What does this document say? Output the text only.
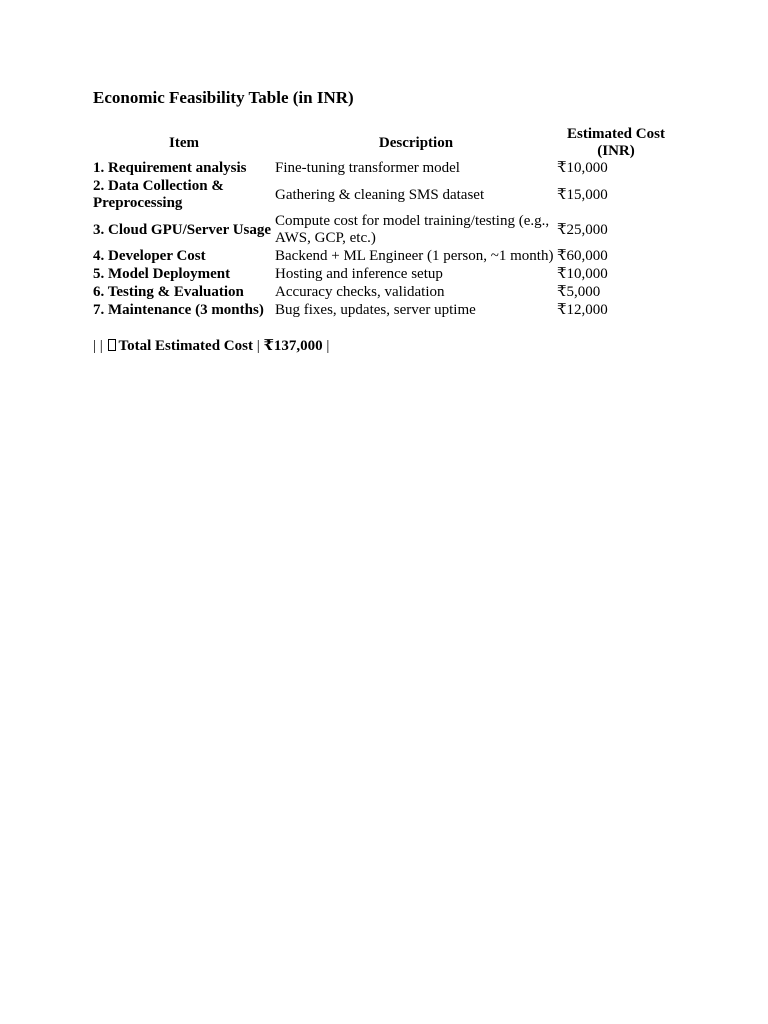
Economic Feasibility Table (in INR)
Item	Description	Estimated Cost (INR)
1. Requirement analysis	Fine-tuning transformer model	₹10,000
2. Data Collection & Preprocessing	Gathering & cleaning SMS dataset	₹15,000
3. Cloud GPU/Server Usage	Compute cost for model training/testing (e.g., AWS, GCP, etc.)	₹25,000
4. Developer Cost	Backend + ML Engineer (1 person, ~1 month)	₹60,000
5. Model Deployment	Hosting and inference setup	₹10,000
6. Testing & Evaluation	Accuracy checks, validation	₹5,000
7. Maintenance (3 months)	Bug fixes, updates, server uptime	₹12,000
| | Total Estimated Cost | ₹137,000 |
